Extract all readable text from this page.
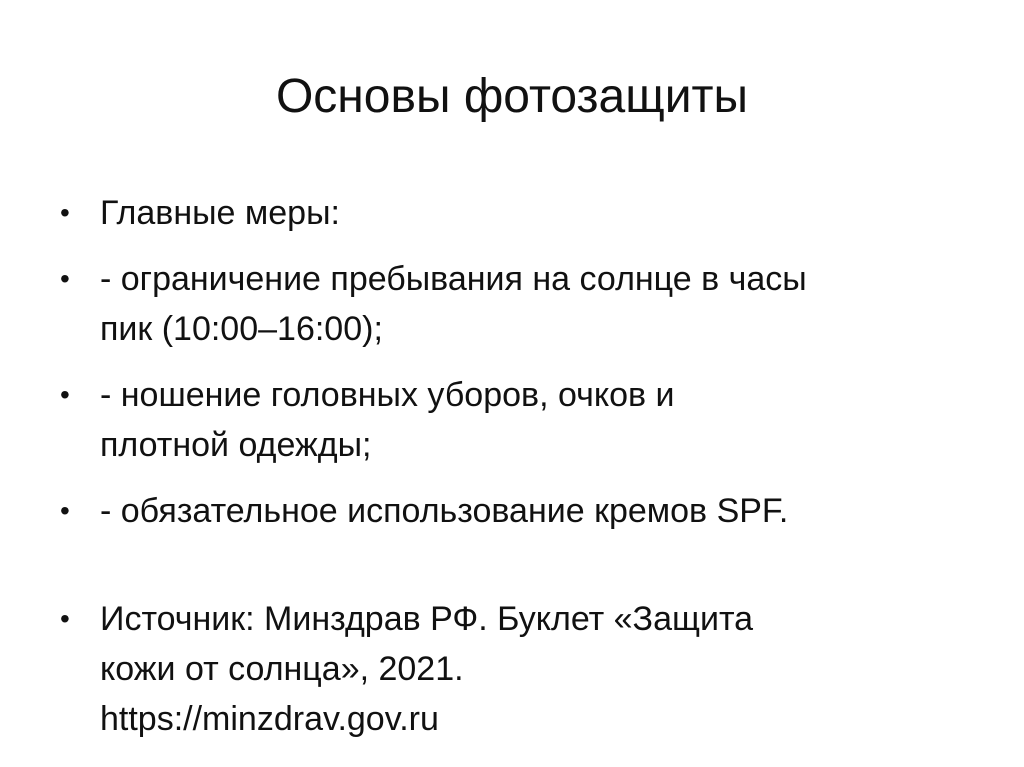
Основы фотозащиты
• Главные меры:
• - ограничение пребывания на солнце в часы
пик (10:00–16:00);
• - ношение головных уборов, очков и
плотной одежды;
• - обязательное использование кремов SPF.
• Источник: Минздрав РФ. Буклет «Защита
кожи от солнца», 2021.
https://minzdrav.gov.ru
